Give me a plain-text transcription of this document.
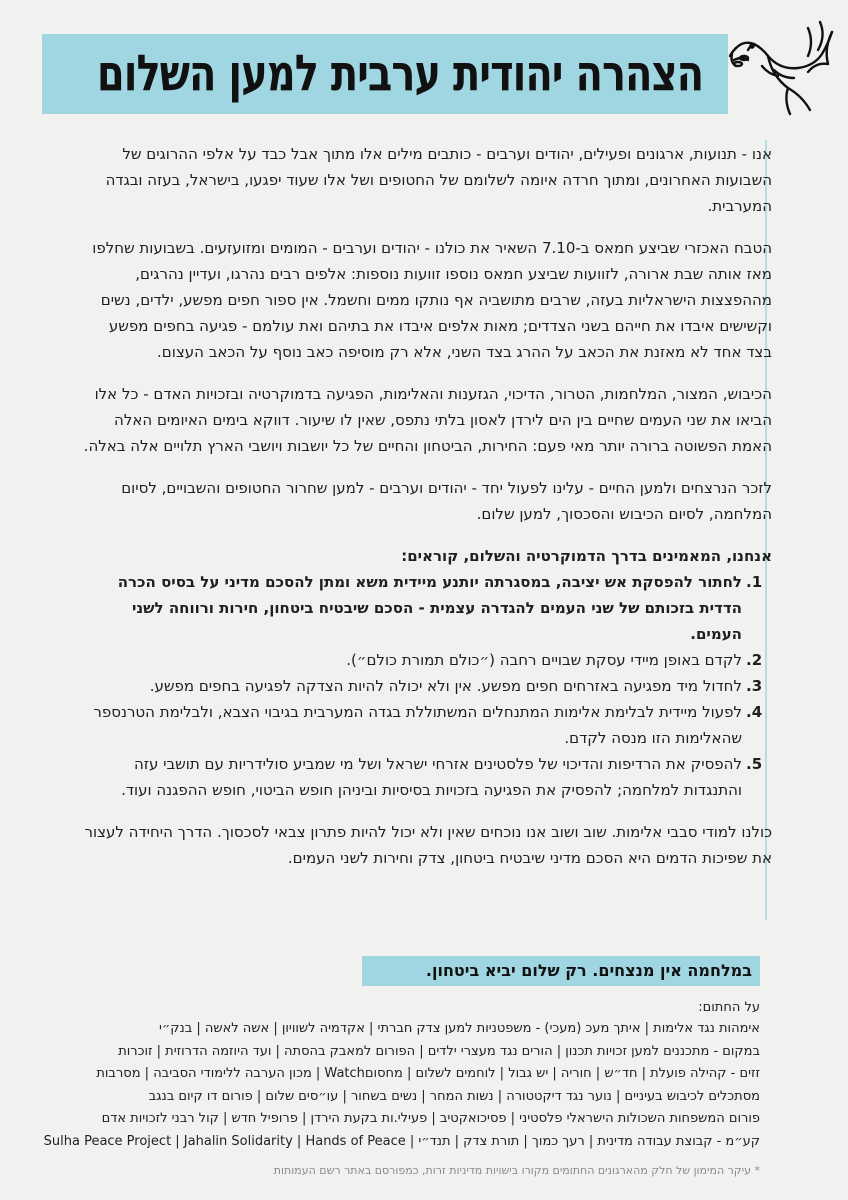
הצהרה יהודית ערבית למען השלום

אנו - תנועות, ארגונים ופעילים, יהודים וערבים - כותבים מילים אלו מתוך אבל כבד על אלפי ההרוגים של השבועות האחרונים, ומתוך חרדה איומה לשלומם של החטופים ושל אלו שעוד יפגעו, בישראל, בעזה ובגדה המערבית.

הטבח האכזרי שביצע חמאס ב-7.10 השאיר את כולנו - יהודים וערבים - המומים ומזועזעים. בשבועות שחלפו מאז אותה שבת ארורה, לזוועות שביצע חמאס נוספו זוועות נוספות: אלפים רבים נהרגו, ועדיין נהרגים, מההפצצות הישראליות בעזה, שרבים מתושביה אף נותקו ממים וחשמל. אין ספור חפים מפשע, ילדים, נשים וקשישים איבדו את חייהם בשני הצדדים; מאות אלפים איבדו את בתיהם ואת עולמם - פגיעה בחפים מפשע בצד אחד לא מאזנת את הכאב על ההרג בצד השני, אלא רק מוסיפה כאב נוסף על הכאב העצום.

הכיבוש, המצור, המלחמות, הטרור, הדיכוי, הגזענות והאלימות, הפגיעה בדמוקרטיה ובזכויות האדם - כל אלו הביאו את שני העמים שחיים בין הים לירדן לאסון בלתי נתפס, שאין לו שיעור. דווקא בימים האיומים האלה האמת הפשוטה ברורה יותר מאי פעם: החירות, הביטחון והחיים של כל יושבות ויושבי הארץ תלויים אלה באלה.

לזכר הנרצחים ולמען החיים - עלינו לפעול יחד - יהודים וערבים - למען שחרור החטופים והשבויים, לסיום המלחמה, לסיום הכיבוש והסכסוך, למען שלום.

אנחנו, המאמינים בדרך הדמוקרטיה והשלום, קוראים:
1.
לחתור להפסקת אש יציבה, במסגרתה יותנע מיידית משא ומתן להסכם מדיני על בסיס הכרה הדדית בזכותם של שני העמים להגדרה עצמית - הסכם שיבטיח ביטחון, חירות ורווחה לשני העמים.
2.
לקדם באופן מיידי עסקת שבויים רחבה (״כולם תמורת כולם״).
3.
לחדול מיד מפגיעה באזרחים חפים מפשע. אין ולא יכולה להיות הצדקה לפגיעה בחפים מפשע.
4.
לפעול מיידית לבלימת אלימות המתנחלים המשתוללת בגדה המערבית בגיבוי הצבא, ולבלימת הטרנספר שהאלימות הזו מנסה לקדם.
5.
להפסיק את הרדיפות והדיכוי של פלסטינים אזרחי ישראל ושל מי שמביע סולידריות עם תושבי עזה והתנגדות למלחמה; להפסיק את הפגיעה בזכויות בסיסיות וביניהן חופש הביטוי, חופש ההפגנה ועוד.

כולנו למודי סבבי אלימות. שוב ושוב אנו נוכחים שאין ולא יכול להיות פתרון צבאי לסכסוך. הדרך היחידה לעצור את שפיכות הדמים היא הסכם מדיני שיבטיח ביטחון, צדק וחירות לשני העמים.

במלחמה אין מנצחים. רק שלום יביא ביטחון.
על החתום:
אימהות נגד אלימות | איתך מעכ (מעכי) - משפטניות למען צדק חברתי | אקדמיה לשוויון | אשה לאשה | בנק״י
במקום - מתכננים למען זכויות תכנון | הורים נגד מעצרי ילדים | הפורום למאבק בהסתה | ועד היוזמה הדרוזית | זוכרות
זזים - קהילה פועלת | חד״ש | חוריה | יש גבול | לוחמים לשלום | מחסוםWatch | מכון הערבה ללימודי הסביבה | מסרבות
מסתכלים לכיבוש בעיניים | נוער נגד דיקטטורה | נשות המחר | נשים בשחור | עו״סים שלום | פורום דו קיום בנגב
פורום המשפחות השכולות הישראלי פלסטיני | פסיכואקטיב | פעילי.ות בקעת הירדן | פרופיל חדש | קול רבני לזכויות אדם
קע״מ - קבוצת עבודה מדינית | רעך כמוך | תורת צדק | תנד״י | Sulha Peace Project | Jahalin Solidarity | Hands of Peace
* עיקר המימון של חלק מהארגונים החתומים מקורו בישויות מדיניות זרות, כמפורסם באתר רשם העמותות
